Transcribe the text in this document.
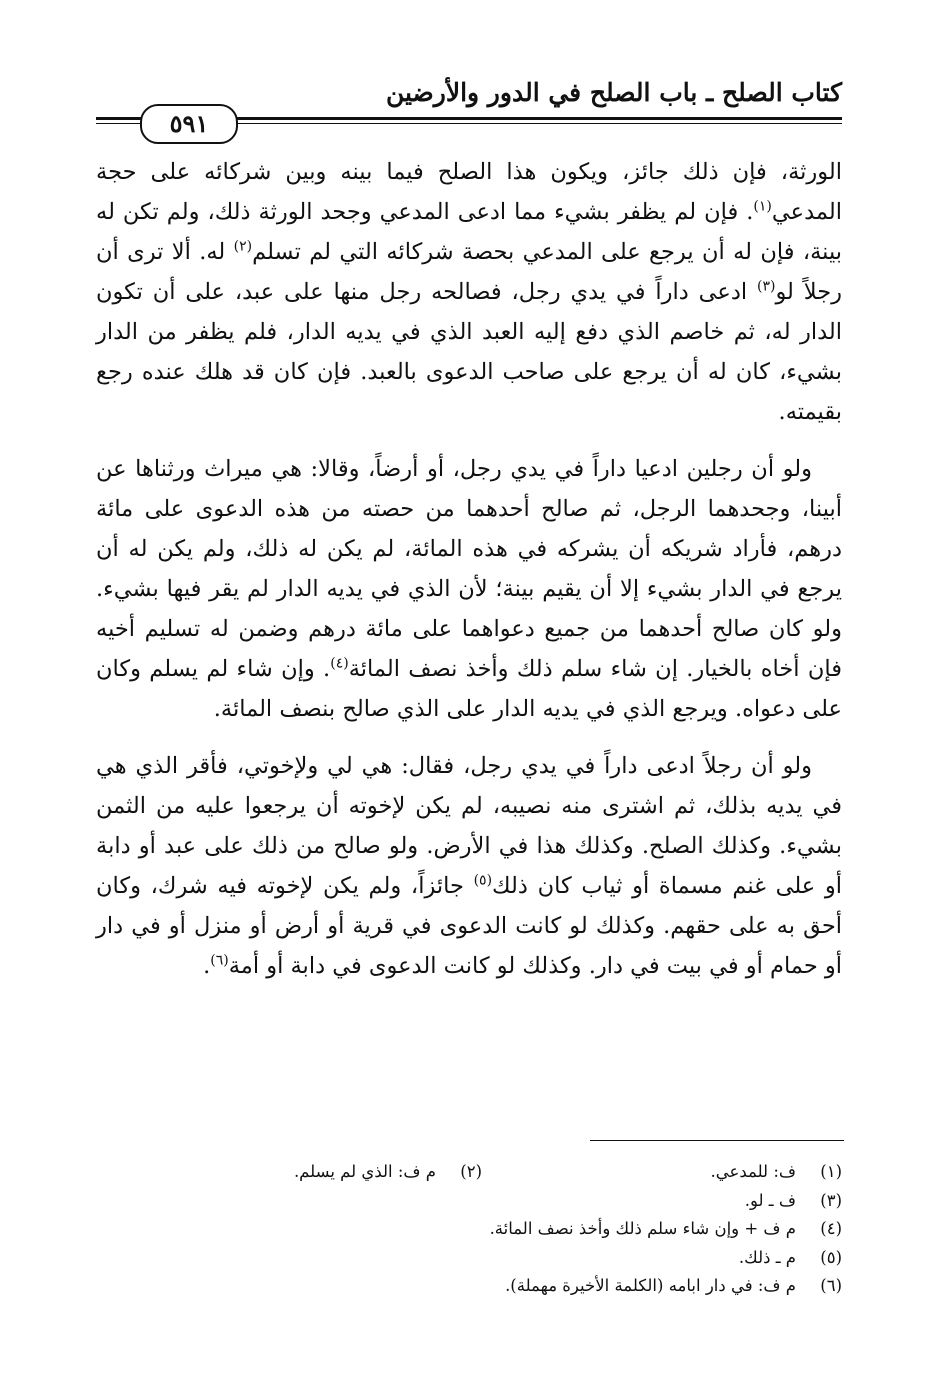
كتاب الصلح ـ باب الصلح في الدور والأرضين
٥٩١

الورثة، فإن ذلك جائز، ويكون هذا الصلح فيما بينه وبين شركائه على حجة المدعي$^{(١)}$. فإن لم يظفر بشيء مما ادعى المدعي وجحد الورثة ذلك، ولم تكن له بينة، فإن له أن يرجع على المدعي بحصة شركائه التي لم تسلم$^{(٢)}$ له. ألا ترى أن رجلاً لو$^{(٣)}$ ادعى داراً في يدي رجل، فصالحه رجل منها على عبد، على أن تكون الدار له، ثم خاصم الذي دفع إليه العبد الذي في يديه الدار، فلم يظفر من الدار بشيء، كان له أن يرجع على صاحب الدعوى بالعبد. فإن كان قد هلك عنده رجع بقيمته.

ولو أن رجلين ادعيا داراً في يدي رجل، أو أرضاً، وقالا: هي ميراث ورثناها عن أبينا، وجحدهما الرجل، ثم صالح أحدهما من حصته من هذه الدعوى على مائة درهم، فأراد شريكه أن يشركه في هذه المائة، لم يكن له ذلك، ولم يكن له أن يرجع في الدار بشيء إلا أن يقيم بينة؛ لأن الذي في يديه الدار لم يقر فيها بشيء. ولو كان صالح أحدهما من جميع دعواهما على مائة درهم وضمن له تسليم أخيه فإن أخاه بالخيار. إن شاء سلم ذلك وأخذ نصف المائة$^{(٤)}$. وإن شاء لم يسلم وكان على دعواه. ويرجع الذي في يديه الدار على الذي صالح بنصف المائة.

ولو أن رجلاً ادعى داراً في يدي رجل، فقال: هي لي ولإخوتي، فأقر الذي هي في يديه بذلك، ثم اشترى منه نصيبه، لم يكن لإخوته أن يرجعوا عليه من الثمن بشيء. وكذلك الصلح. وكذلك هذا في الأرض. ولو صالح من ذلك على عبد أو دابة أو على غنم مسماة أو ثياب كان ذلك$^{(٥)}$ جائزاً، ولم يكن لإخوته فيه شرك، وكان أحق به على حقهم. وكذلك لو كانت الدعوى في قرية أو أرض أو منزل أو في دار أو حمام أو في بيت في دار. وكذلك لو كانت الدعوى في دابة أو أمة$^{(٦)}$.

(١)ف: للمدعي.
(٢)م ف: الذي لم يسلم.
(٣)
ف ـ لو.
(٤)
م ف + وإن شاء سلم ذلك وأخذ نصف المائة.
(٥)
م ـ ذلك.
(٦)
م ف: في دار ابامه (الكلمة الأخيرة مهملة).
